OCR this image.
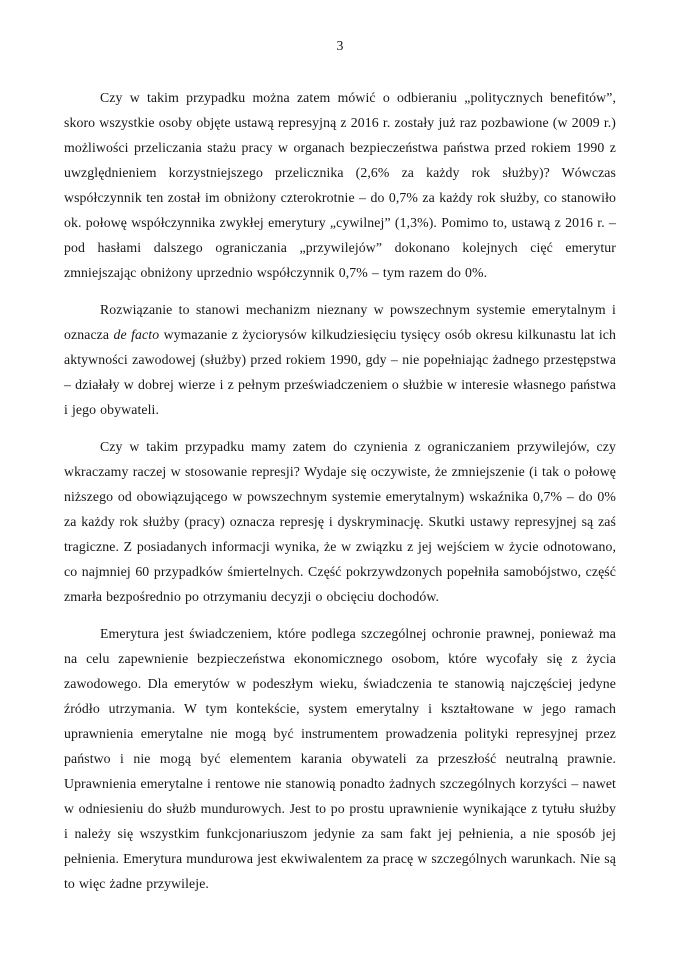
3

Czy w takim przypadku można zatem mówić o odbieraniu „politycznych benefitów”, skoro wszystkie osoby objęte ustawą represyjną z 2016 r. zostały już raz pozbawione (w 2009 r.) możliwości przeliczania stażu pracy w organach bezpieczeństwa państwa przed rokiem 1990 z uwzględnieniem korzystniejszego przelicznika (2,6% za każdy rok służby)? Wówczas współczynnik ten został im obniżony czterokrotnie – do 0,7% za każdy rok służby, co stanowiło ok. połowę współczynnika zwykłej emerytury „cywilnej” (1,3%). Pomimo to, ustawą z 2016 r. – pod hasłami dalszego ograniczania „przywilejów” dokonano kolejnych cięć emerytur zmniejszając obniżony uprzednio współczynnik 0,7% – tym razem do 0%.

Rozwiązanie to stanowi mechanizm nieznany w powszechnym systemie emerytalnym i oznacza de facto wymazanie z życiorysów kilkudziesięciu tysięcy osób okresu kilkunastu lat ich aktywności zawodowej (służby) przed rokiem 1990, gdy – nie popełniając żadnego przestępstwa – działały w dobrej wierze i z pełnym przeświadczeniem o służbie w interesie własnego państwa i jego obywateli.

Czy w takim przypadku mamy zatem do czynienia z ograniczaniem przywilejów, czy wkraczamy raczej w stosowanie represji? Wydaje się oczywiste, że zmniejszenie (i tak o połowę niższego od obowiązującego w powszechnym systemie emerytalnym) wskaźnika 0,7% – do 0% za każdy rok służby (pracy) oznacza represję i dyskryminację. Skutki ustawy represyjnej są zaś tragiczne. Z posiadanych informacji wynika, że w związku z jej wejściem w życie odnotowano, co najmniej 60 przypadków śmiertelnych. Część pokrzywdzonych popełniła samobójstwo, część zmarła bezpośrednio po otrzymaniu decyzji o obcięciu dochodów.

Emerytura jest świadczeniem, które podlega szczególnej ochronie prawnej, ponieważ ma na celu zapewnienie bezpieczeństwa ekonomicznego osobom, które wycofały się z życia zawodowego. Dla emerytów w podeszłym wieku, świadczenia te stanowią najczęściej jedyne źródło utrzymania. W tym kontekście, system emerytalny i kształtowane w jego ramach uprawnienia emerytalne nie mogą być instrumentem prowadzenia polityki represyjnej przez państwo i nie mogą być elementem karania obywateli za przeszłość neutralną prawnie. Uprawnienia emerytalne i rentowe nie stanowią ponadto żadnych szczególnych korzyści – nawet w odniesieniu do służb mundurowych. Jest to po prostu uprawnienie wynikające z tytułu służby i należy się wszystkim funkcjonariuszom jedynie za sam fakt jej pełnienia, a nie sposób jej pełnienia. Emerytura mundurowa jest ekwiwalentem za pracę w szczególnych warunkach. Nie są to więc żadne przywileje.
